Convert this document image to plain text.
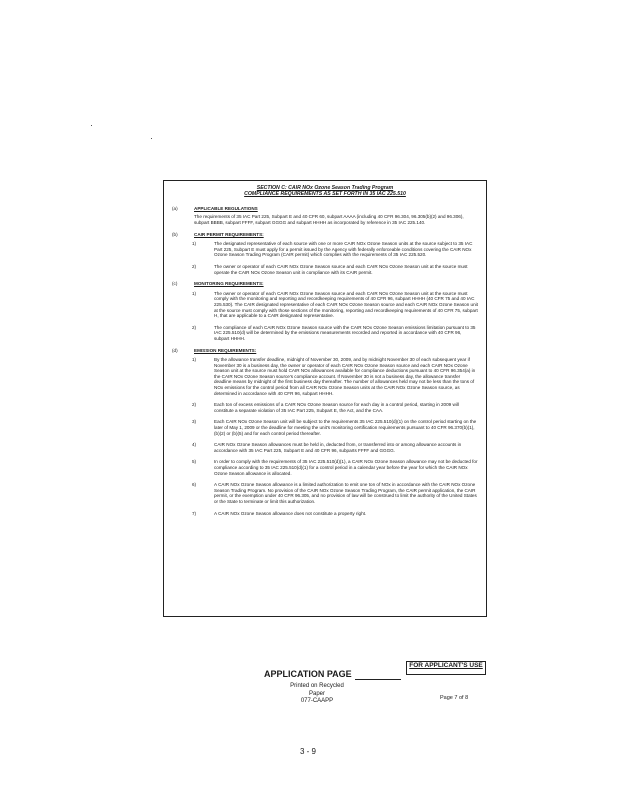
·
·
SECTION C: CAIR NOx Ozone Season Trading Program
COMPLIANCE REQUIREMENTS AS SET FORTH IN 35 IAC 225.510
(a)	APPLICABLE REGULATIONS
The requirements of 35 IAC Part 225, Subpart E and 40 CFR 60, subpart AAAA (including 40 CFR 96.304, 96.305(b)(2) and 96.306), subpart BBBB, subpart FFFF, subpart GGGG and subpart HHHH as incorporated by reference in 35 IAC 225.140.
(b)	CAIR PERMIT REQUIREMENTS:
1)	The designated representative of each source with one or more CAIR NOx Ozone Season units at the source subject to 35 IAC Part 225, Subpart E must apply for a permit issued by the Agency with federally enforceable conditions covering the CAIR NOx Ozone Season Trading Program (CAIR permit) which complies with the requirements of 35 IAC 225.520.
2)	The owner or operator of each CAIR NOx Ozone Season source and each CAIR NOx Ozone Season unit at the source must operate the CAIR NOx Ozone Season unit in compliance with its CAIR permit.
(c)	MONITORING REQUIREMENTS:
1)	The owner or operator of each CAIR NOx Ozone Season source and each CAIR NOx Ozone Season unit at the source must comply with the monitoring and reporting and recordkeeping requirements of 40 CFR 96, subpart HHHH (40 CFR 75 and 40 IAC 225.530). The CAIR designated representative of each CAIR NOx Ozone Season source and each CAIR NOx Ozone Season unit at the source must comply with those sections of the monitoring, reporting and recordkeeping requirements of 40 CFR 75, subpart H, that are applicable to a CAIR designated representative.
2)	The compliance of each CAIR NOx Ozone Season source with the CAIR NOx Ozone Season emissions limitation pursuant to 35 IAC 225.510(d) will be determined by the emissions measurements recorded and reported in accordance with 40 CFR 96, subpart HHHH.
(d)	EMISSION REQUIREMENTS:
1)	By the allowance transfer deadline, midnight of November 30, 2009, and by midnight November 30 of each subsequent year if November 30 is a business day, the owner or operator of each CAIR NOx Ozone Season source and each CAIR NOx Ozone Season unit at the source must hold CAIR NOx allowances available for compliance deductions pursuant to 40 CFR 96.354(a) in the CAIR NOx Ozone Season source's compliance account. If November 30 is not a business day, the allowance transfer deadline means by midnight of the first business day thereafter. The number of allowances held may not be less than the tons of NOx emissions for the control period from all CAIR NOx Ozone Season units at the CAIR NOx Ozone Season source, as determined in accordance with 40 CFR 96, subpart HHHH.
2)	Each ton of excess emissions of a CAIR NOx Ozone Season source for each day in a control period, starting in 2009 will constitute a separate violation of 35 IAC Part 225, Subpart E, the Act, and the CAA.
3)	Each CAIR NOx Ozone Season unit will be subject to the requirements 35 IAC 225.510(d)(1) on the control period starting on the later of May 1, 2009 or the deadline for meeting the unit's monitoring certification requirements pursuant to 40 CFR 96.370(b)(1), (b)(2) or (b)(5) and for each control period thereafter.
4)	CAIR NOx Ozone Season allowances must be held in, deducted from, or transferred into or among allowance accounts in accordance with 35 IAC Part 225, Subpart E and 40 CFR 96, subparts FFFF and GGGG.
5)	In order to comply with the requirements of 35 IAC 225.510(d)(1), a CAIR NOx Ozone Season allowance may not be deducted for compliance according to 35 IAC 225.510(d)(1) for a control period in a calendar year before the year for which the CAIR NOx Ozone Season allowance is allocated.
6)	A CAIR NOx Ozone Season allowance is a limited authorization to emit one ton of NOx in accordance with the CAIR NOx Ozone Season Trading Program. No provision of the CAIR NOx Ozone Season Trading Program, the CAIR permit application, the CAIR permit, or the exemption under 40 CFR 96.305, and no provision of law will be construed to limit the authority of the United States or the State to terminate or limit this authorization.
7)	A CAIR NOx Ozone Season allowance does not constitute a property right.
APPLICATION PAGE
Printed on Recycled Paper
077-CAAPP
FOR APPLICANT'S USE
Page 7 of 8
3 - 9
